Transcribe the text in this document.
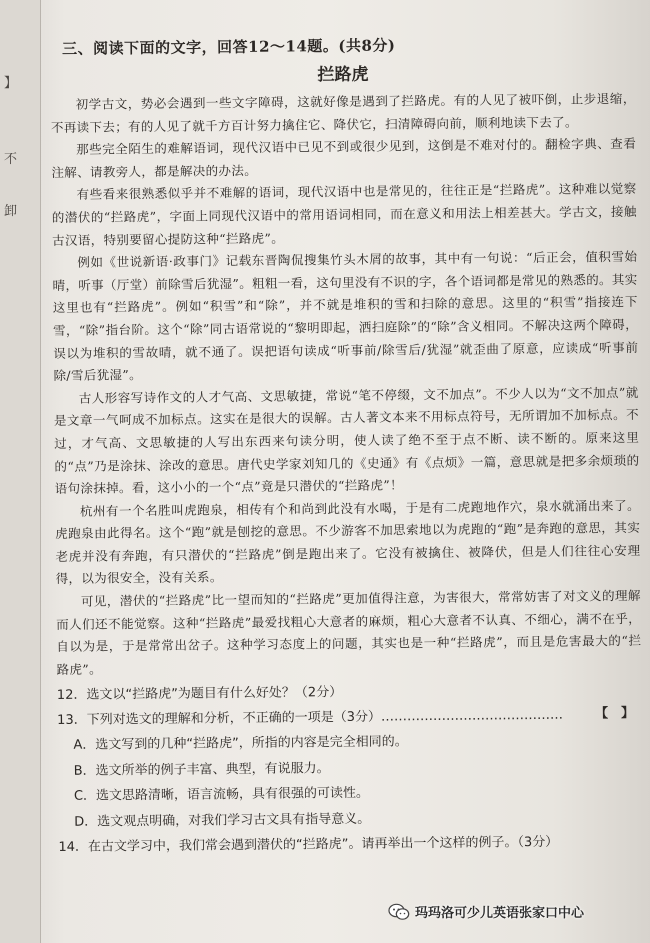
】
不
卸
三、阅读下面的文字，回答12～14题。(共8分)
拦路虎

初学古文，势必会遇到一些文字障碍，这就好像是遇到了拦路虎。有的人见了被吓倒，止步退缩，不再读下去；有的人见了就千方百计努力擒住它、降伏它，扫清障碍向前，顺利地读下去了。

那些完全陌生的难解语词，现代汉语中已见不到或很少见到，这倒是不难对付的。翻检字典、查看注解、请教旁人，都是解决的办法。

有些看来很熟悉似乎并不难解的语词，现代汉语中也是常见的，往往正是“拦路虎”。这种难以觉察的潜伏的“拦路虎”，字面上同现代汉语中的常用语词相同，而在意义和用法上相差甚大。学古文，接触古汉语，特别要留心提防这种“拦路虎”。

例如《世说新语·政事门》记载东晋陶侃搜集竹头木屑的故事，其中有一句说：“后正会，值积雪始晴，听事（厅堂）前除雪后犹湿”。粗粗一看，这句里没有不识的字，各个语词都是常见的熟悉的。其实这里也有“拦路虎”。例如“积雪”和“除”，并不就是堆积的雪和扫除的意思。这里的“积雪”指接连下雪，“除”指台阶。这个“除”同古语常说的“黎明即起，洒扫庭除”的“除”含义相同。不解决这两个障碍，误以为堆积的雪故晴，就不通了。误把语句读成“听事前/除雪后/犹湿”就歪曲了原意，应读成“听事前除/雪后犹湿”。

古人形容写诗作文的人才气高、文思敏捷，常说“笔不停缀，文不加点”。不少人以为“文不加点”就是文章一气呵成不加标点。这实在是很大的误解。古人著文本来不用标点符号，无所谓加不加标点。不过，才气高、文思敏捷的人写出东西来句读分明，使人读了绝不至于点不断、读不断的。原来这里的“点”乃是涂抹、涂改的意思。唐代史学家刘知几的《史通》有《点烦》一篇，意思就是把多余烦琐的语句涂抹掉。看，这小小的一个“点”竟是只潜伏的“拦路虎”！

杭州有一个名胜叫虎跑泉，相传有个和尚到此没有水喝，于是有二虎跑地作穴，泉水就涌出来了。虎跑泉由此得名。这个“跑”就是刨挖的意思。不少游客不加思索地以为虎跑的“跑”是奔跑的意思，其实老虎并没有奔跑，有只潜伏的“拦路虎”倒是跑出来了。它没有被擒住、被降伏，但是人们往往心安理得，以为很安全，没有关系。

可见，潜伏的“拦路虎”比一望而知的“拦路虎”更加值得注意，为害很大，常常妨害了对文义的理解而人们还不能觉察。这种“拦路虎”最爱找粗心大意者的麻烦，粗心大意者不认真、不细心，满不在乎，自以为是，于是常常出岔子。这种学习态度上的问题，其实也是一种“拦路虎”，而且是危害最大的“拦路虎”。

12．选文以“拦路虎”为题目有什么好处？（2分）

13．下列对选文的理解和分析，不正确的一项是（3分）……………………………………	【　】

A．选文写到的几种“拦路虎”，所指的内容是完全相同的。

B．选文所举的例子丰富、典型，有说服力。

C．选文思路清晰，语言流畅，具有很强的可读性。

D．选文观点明确，对我们学习古文具有指导意义。

14．在古文学习中，我们常会遇到潜伏的“拦路虎”。请再举出一个这样的例子。（3分）

玛玛洛可少儿英语张家口中心
